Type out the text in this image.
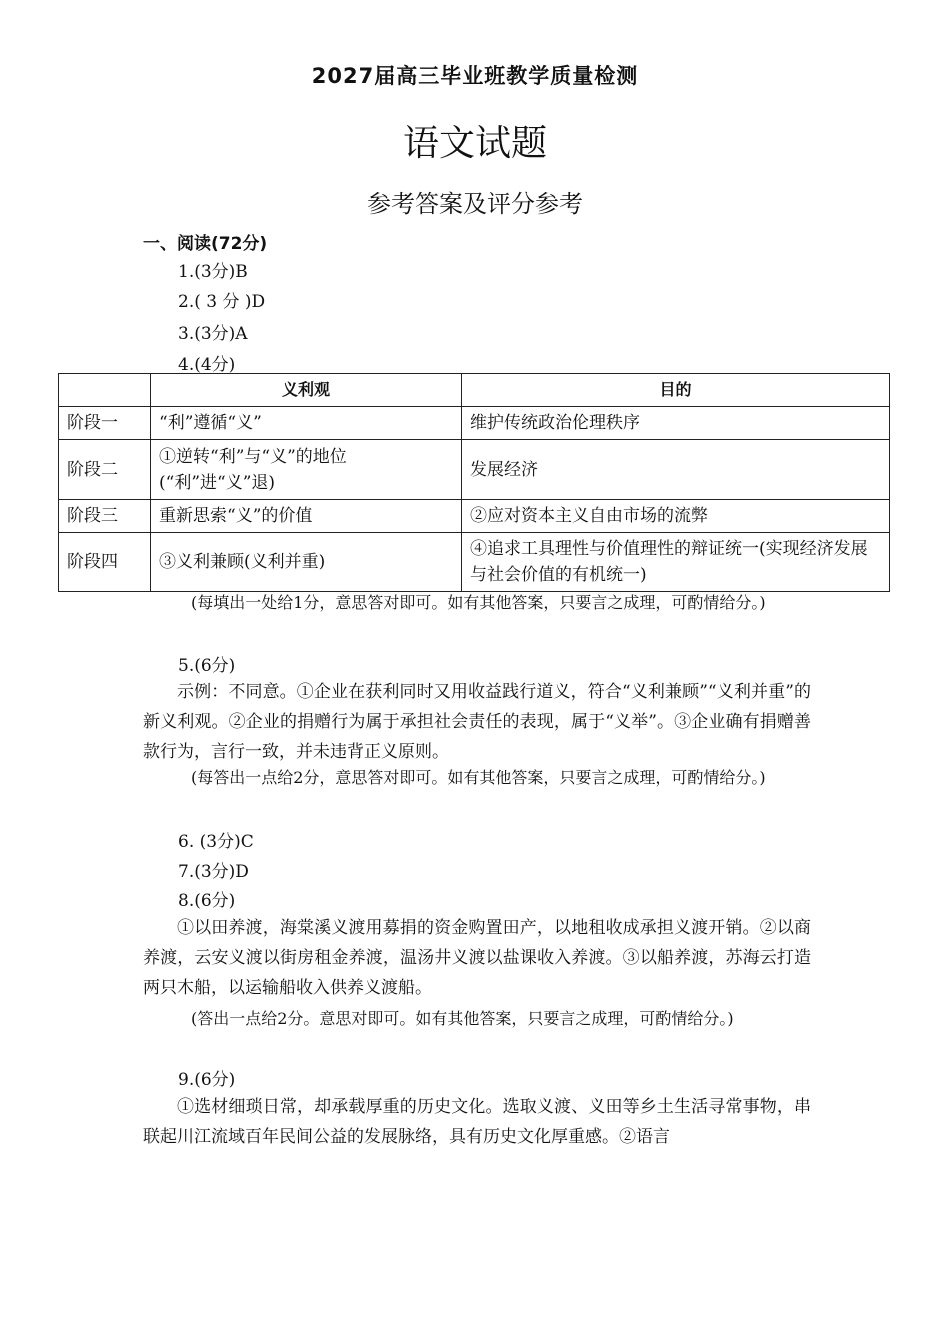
2027届高三毕业班教学质量检测
语文试题
参考答案及评分参考
一、阅读(72分)
1.(3分)B
2.( 3 分 )D
3.(3分)A
4.(4分)
	义利观	目的
阶段一	“利”遵循“义”	维护传统政治伦理秩序
阶段二	①逆转“利”与“义”的地位(“利”进“义”退)	发展经济
阶段三	重新思索“义”的价值	②应对资本主义自由市场的流弊
阶段四	③义利兼顾(义利并重)	④追求工具理性与价值理性的辩证统一(实现经济发展与社会价值的有机统一)
(每填出一处给1分，意思答对即可。如有其他答案，只要言之成理，可酌情给分。)
5.(6分)
示例：不同意。①企业在获利同时又用收益践行道义，符合“义利兼顾”“义利并重”的新义利观。②企业的捐赠行为属于承担社会责任的表现，属于“义举”。③企业确有捐赠善款行为，言行一致，并未违背正义原则。
(每答出一点给2分，意思答对即可。如有其他答案，只要言之成理，可酌情给分。)
6. (3分)C
7.(3分)D
8.(6分)
①以田养渡，海棠溪义渡用募捐的资金购置田产，以地租收成承担义渡开销。②以商养渡，云安义渡以街房租金养渡，温汤井义渡以盐课收入养渡。③以船养渡，苏海云打造两只木船，以运输船收入供养义渡船。
(答出一点给2分。意思对即可。如有其他答案，只要言之成理，可酌情给分。)
9.(6分)
①选材细琐日常，却承载厚重的历史文化。选取义渡、义田等乡土生活寻常事物，串联起川江流域百年民间公益的发展脉络，具有历史文化厚重感。②语言
